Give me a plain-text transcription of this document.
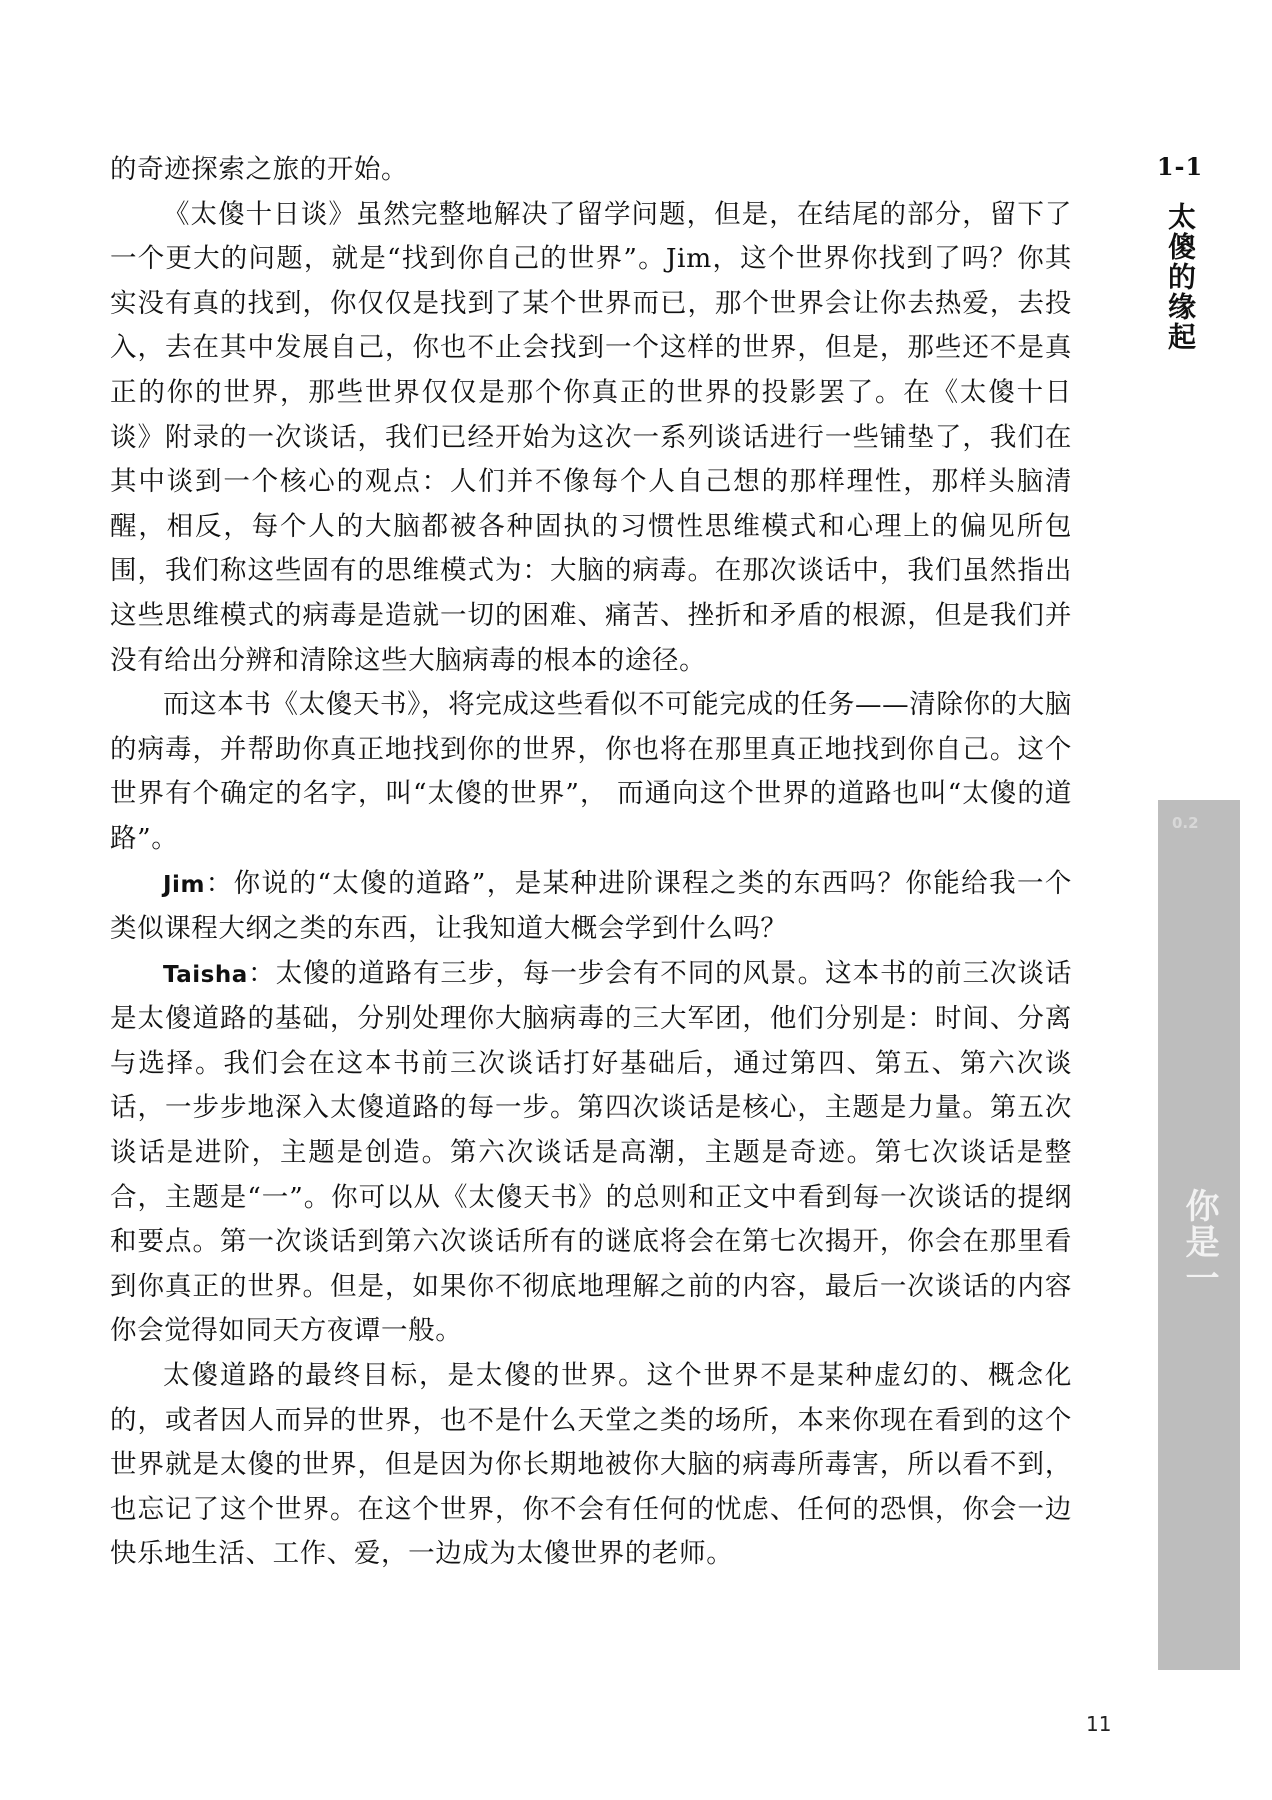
的奇迹探索之旅的开始。

《太傻十日谈》虽然完整地解决了留学问题，但是，在结尾的部分，留下了一个更大的问题，就是“找到你自己的世界”。Jim，这个世界你找到了吗？你其实没有真的找到，你仅仅是找到了某个世界而已，那个世界会让你去热爱，去投入，去在其中发展自己，你也不止会找到一个这样的世界，但是，那些还不是真正的你的世界，那些世界仅仅是那个你真正的世界的投影罢了。在《太傻十日谈》附录的一次谈话，我们已经开始为这次一系列谈话进行一些铺垫了，我们在其中谈到一个核心的观点：人们并不像每个人自己想的那样理性，那样头脑清醒，相反，每个人的大脑都被各种固执的习惯性思维模式和心理上的偏见所包围，我们称这些固有的思维模式为：大脑的病毒。在那次谈话中，我们虽然指出这些思维模式的病毒是造就一切的困难、痛苦、挫折和矛盾的根源，但是我们并没有给出分辨和清除这些大脑病毒的根本的途径。

而这本书《太傻天书》，将完成这些看似不可能完成的任务——清除你的大脑的病毒，并帮助你真正地找到你的世界，你也将在那里真正地找到你自己。这个世界有个确定的名字，叫“太傻的世界”， 而通向这个世界的道路也叫“太傻的道路”。

Jim：你说的“太傻的道路”，是某种进阶课程之类的东西吗？你能给我一个类似课程大纲之类的东西，让我知道大概会学到什么吗？

Taisha：太傻的道路有三步，每一步会有不同的风景。这本书的前三次谈话是太傻道路的基础，分别处理你大脑病毒的三大军团，他们分别是：时间、分离与选择。我们会在这本书前三次谈话打好基础后，通过第四、第五、第六次谈话，一步步地深入太傻道路的每一步。第四次谈话是核心，主题是力量。第五次谈话是进阶，主题是创造。第六次谈话是高潮，主题是奇迹。第七次谈话是整合，主题是“一”。你可以从《太傻天书》的总则和正文中看到每一次谈话的提纲和要点。第一次谈话到第六次谈话所有的谜底将会在第七次揭开，你会在那里看到你真正的世界。但是，如果你不彻底地理解之前的内容，最后一次谈话的内容你会觉得如同天方夜谭一般。

太傻道路的最终目标，是太傻的世界。这个世界不是某种虚幻的、概念化的，或者因人而异的世界，也不是什么天堂之类的场所，本来你现在看到的这个世界就是太傻的世界，但是因为你长期地被你大脑的病毒所毒害，所以看不到，也忘记了这个世界。在这个世界，你不会有任何的忧虑、任何的恐惧，你会一边快乐地生活、工作、爱，一边成为太傻世界的老师。

1-1
太傻的缘起
0.2
你是一
11
